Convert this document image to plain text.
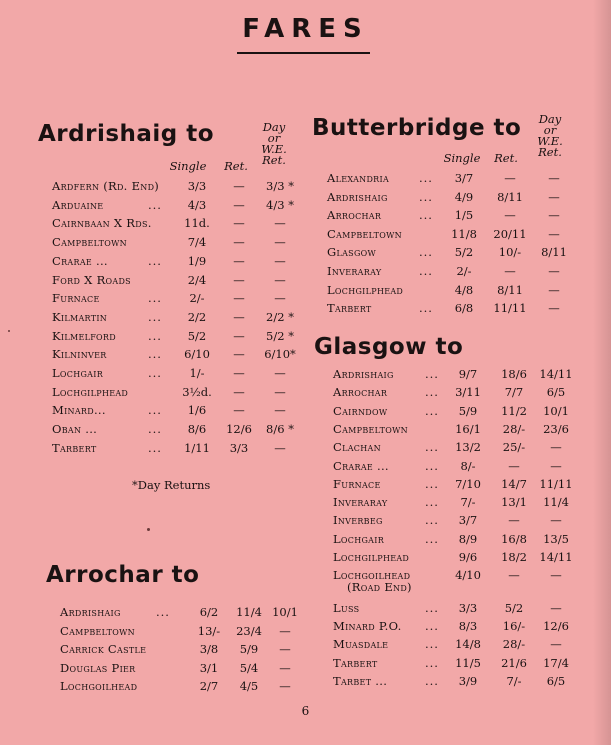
FARES
Ardrishaig to
Single	Ret.
Day
or
W.E.
Ret.
Ardfern (Rd. End)	3/3	—	3/3 *
Arduaine	...	4/3	—	4/3 *
Cairnbaan X Rds.	11d.	—	—
Campbeltown	7/4	—	—
Crarae ...	...	1/9	—	—
Ford X Roads	2/4	—	—
Furnace	...	2/-	—	—
Kilmartin	...	2/2	—	2/2 *
Kilmelford	...	5/2	—	5/2 *
Kilninver	...	6/10	—	6/10*
Lochgair	...	1/-	—	—
Lochgilphead	3½d.	—	—
Minard...	...	1/6	—	—
Oban ...	...	8/6	12/6	8/6 *
Tarbert	...	1/11	3/3	—
*Day Returns
Arrochar to
Ardrishaig	...	6/2	11/4 10/1
Campbeltown	13/-	23/4	—
Carrick Castle	3/8	5/9	—
Douglas Pier	3/1	5/4	—
Lochgoilhead	2/7	4/5	—
Butterbridge to
Single	Ret.
Day
or
W.E.
Ret.
Alexandria	...	3/7	—	—
Ardrishaig	...	4/9	8/11	—
Arrochar	...	1/5	—	—
Campbeltown	11/8	20/11	—
Glasgow	...	5/2	10/-	8/11
Inveraray	...	2/-	—	—
Lochgilphead	4/8	8/11	—
Tarbert	...	6/8	11/11	—
Glasgow to
Ardrishaig	...	9/7	18/6	14/11
Arrochar	...	3/11	7/7	6/5
Cairndow	...	5/9	11/2	10/1
Campbeltown	16/1	28/-	23/6
Clachan	...	13/2	25/-	—
Crarae ...	...	8/-	—	—
Furnace	...	7/10	14/7	11/11
Inveraray	...	7/-	13/1	11/4
Inverbeg	...	3/7	—	—
Lochgair	...	8/9	16/8	13/5
Lochgilphead	9/6	18/2	14/11
Lochgoilhead
(Road End)
4/10	—	—
Luss	...	3/3	5/2	—
Minard P.O. ...	8/3	16/-	12/6
Muasdale	...	14/8	28/-	—
Tarbert	...	11/5	21/6	17/4
Tarbet ...	...	3/9	7/-	6/5
6
